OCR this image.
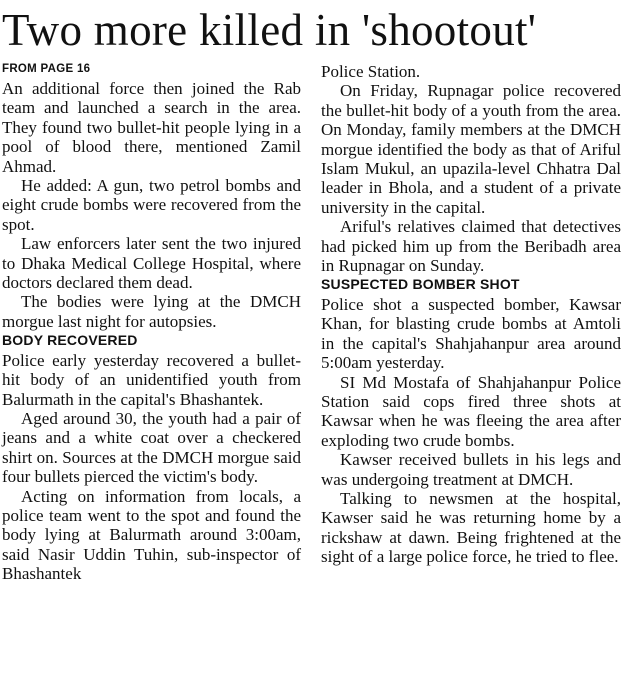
Two more killed in 'shootout'
FROM PAGE 16

An additional force then joined the Rab team and launched a search in the area. They found two bullet-hit people lying in a pool of blood there, mentioned Zamil Ahmad.

He added: A gun, two petrol bombs and eight crude bombs were recovered from the spot.

Law enforcers later sent the two injured to Dhaka Medical College Hospital, where doctors declared them dead.

The bodies were lying at the DMCH morgue last night for autopsies.

BODY RECOVERED

Police early yesterday recovered a bullet-hit body of an unidentified youth from Balurmath in the capital's Bhashantek.

Aged around 30, the youth had a pair of jeans and a white coat over a checkered shirt on. Sources at the DMCH morgue said four bullets pierced the victim's body.

Acting on information from locals, a police team went to the spot and found the body lying at Balurmath around 3:00am, said Nasir Uddin Tuhin, sub-inspector of Bhashantek

Police Station.

On Friday, Rupnagar police recovered the bullet-hit body of a youth from the area. On Monday, family members at the DMCH morgue identified the body as that of Ariful Islam Mukul, an upazila-level Chhatra Dal leader in Bhola, and a student of a private university in the capital.

Ariful's relatives claimed that detectives had picked him up from the Beribadh area in Rupnagar on Sunday.

SUSPECTED BOMBER SHOT

Police shot a suspected bomber, Kawsar Khan, for blasting crude bombs at Amtoli in the capital's Shahjahanpur area around 5:00am yesterday.

SI Md Mostafa of Shahjahanpur Police Station said cops fired three shots at Kawsar when he was fleeing the area after exploding two crude bombs.

Kawser received bullets in his legs and was undergoing treatment at DMCH.

Talking to newsmen at the hospital, Kawser said he was returning home by a rickshaw at dawn. Being frightened at the sight of a large police force, he tried to flee.
